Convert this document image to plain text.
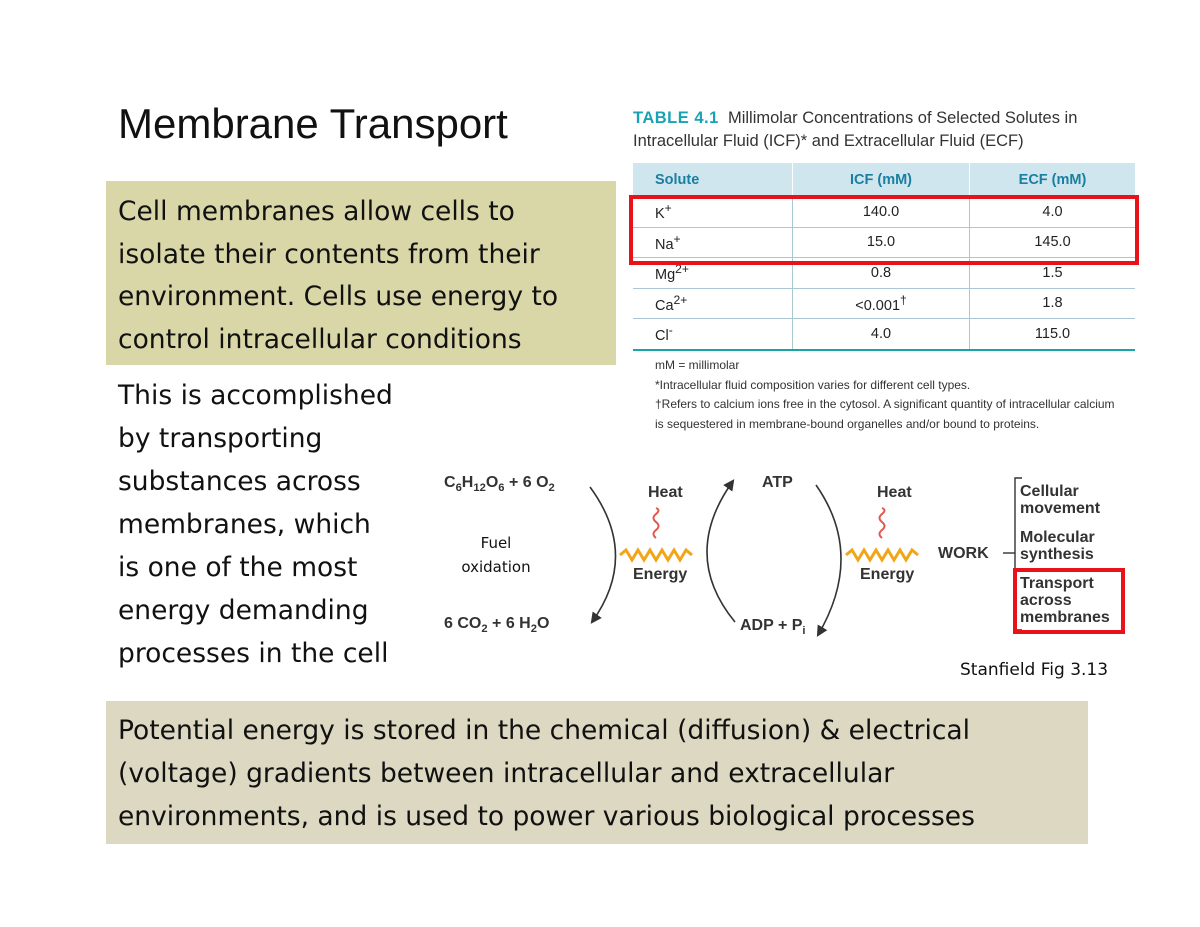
Membrane Transport
Cell membranes allow cells to
isolate their contents from their
environment. Cells use energy to
control intracellular conditions
This is accomplished
by transporting
substances across
membranes, which
is one of the most
energy demanding
processes in the cell
Potential energy is stored in the chemical (diffusion) & electrical
(voltage) gradients between intracellular and extracellular
environments, and is used to power various biological processes
TABLE 4.1 Millimolar Concentrations of Selected Solutes in
Intracellular Fluid (ICF)* and Extracellular Fluid (ECF)
Solute	ICF (mM)	ECF (mM)
K+	140.0	4.0
Na+	15.0	145.0
$Mg^{2+}$	0.8	1.5
$Ca^{2+}$	<0.001†	1.8
Cl-	4.0	115.0
mM = millimolar
*Intracellular fluid composition varies for different cell types.
†Refers to calcium ions free in the cytosol. A significant quantity of intracellular calcium
is sequestered in membrane-bound organelles and/or bound to proteins.
$C_6H_{12}O_6 + 6$ $O_2$
6 $CO_2 + 6$ $H_2O$
Fuel
oxidation
Heat
Energy
ATP
ADP + $P_i$
Heat
Energy
WORK
Cellular
movement
Molecular
synthesis
Transport
across
membranes
Stanfield Fig 3.13
